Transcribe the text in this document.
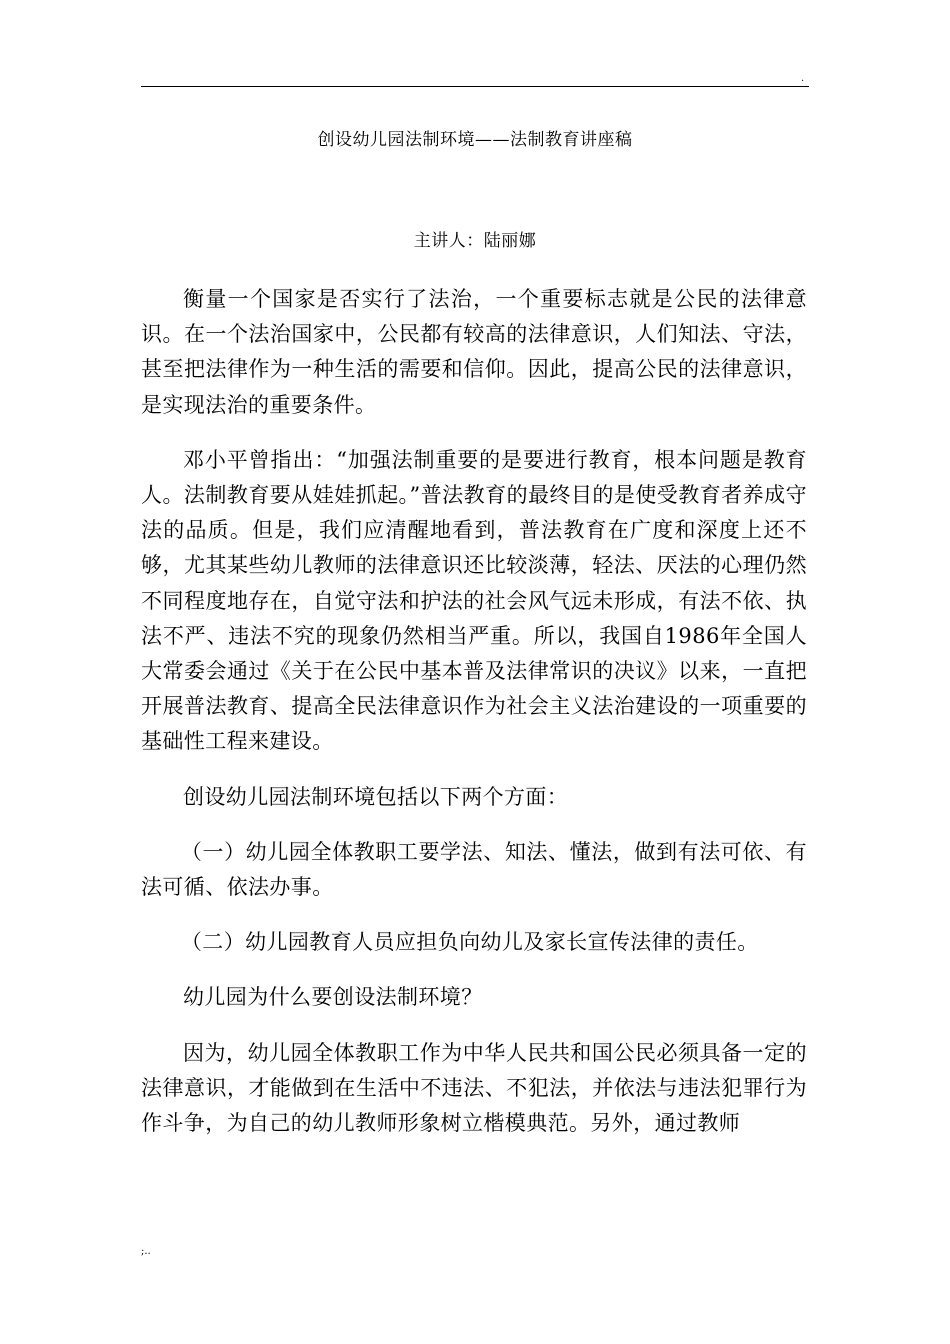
.
创设幼儿园法制环境——法制教育讲座稿
主讲人：陆丽娜

衡量一个国家是否实行了法治，一个重要标志就是公民的法律意识。在一个法治国家中，公民都有较高的法律意识，人们知法、守法，甚至把法律作为一种生活的需要和信仰。因此，提高公民的法律意识，是实现法治的重要条件。

邓小平曾指出：“加强法制重要的是要进行教育，根本问题是教育人。法制教育要从娃娃抓起。”普法教育的最终目的是使受教育者养成守法的品质。但是，我们应清醒地看到，普法教育在广度和深度上还不够，尤其某些幼儿教师的法律意识还比较淡薄，轻法、厌法的心理仍然不同程度地存在，自觉守法和护法的社会风气远未形成，有法不依、执法不严、违法不究的现象仍然相当严重。所以，我国自1986年全国人大常委会通过《关于在公民中基本普及法律常识的决议》以来，一直把开展普法教育、提高全民法律意识作为社会主义法治建设的一项重要的基础性工程来建设。

创设幼儿园法制环境包括以下两个方面：

（一）幼儿园全体教职工要学法、知法、懂法，做到有法可依、有法可循、依法办事。

（二）幼儿园教育人员应担负向幼儿及家长宣传法律的责任。

幼儿园为什么要创设法制环境？

因为，幼儿园全体教职工作为中华人民共和国公民必须具备一定的法律意识，才能做到在生活中不违法、不犯法，并依法与违法犯罪行为作斗争，为自己的幼儿教师形象树立楷模典范。另外，通过教师

;..
